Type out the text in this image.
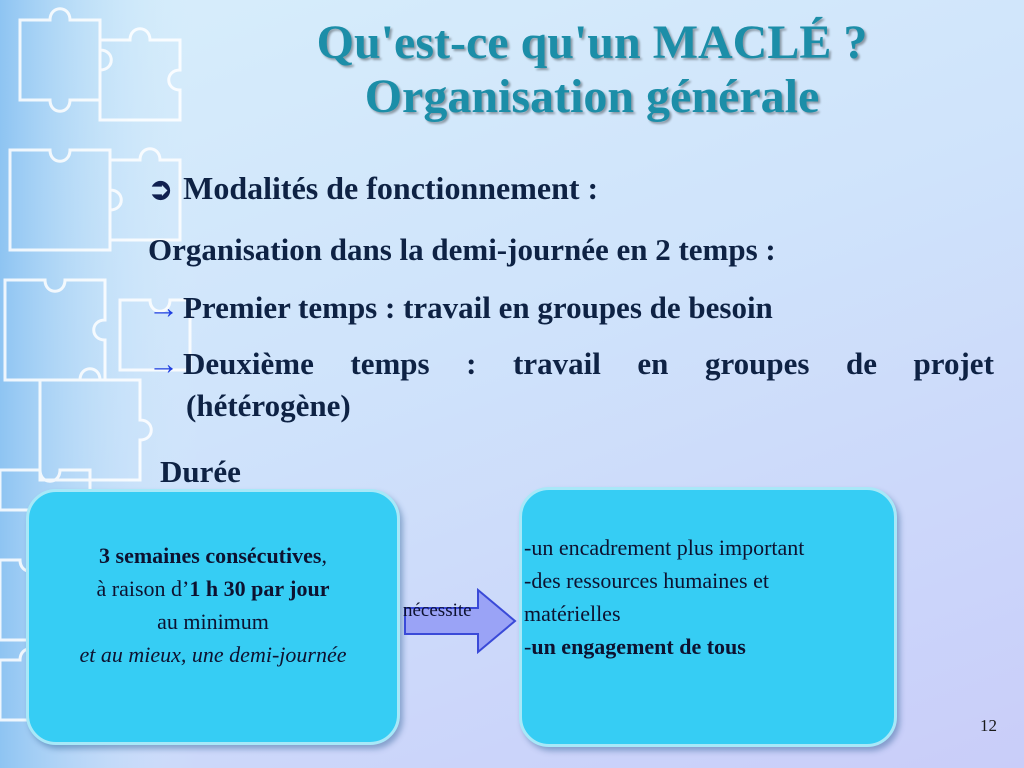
Qu'est-ce qu'un MACLÉ ?
Organisation générale
➲ Modalités de fonctionnement :
Organisation dans la demi-journée en 2 temps :
→ Premier temps : travail en groupes de besoin
→ Deuxième temps : travail en groupes de projet
(hétérogène)
Durée
3 semaines consécutives,
à raison d’1 h 30 par jour
au minimum
et au mieux, une demi-journée
nécessite
-un encadrement plus important
-des ressources humaines et
matérielles
-un engagement de tous
12
